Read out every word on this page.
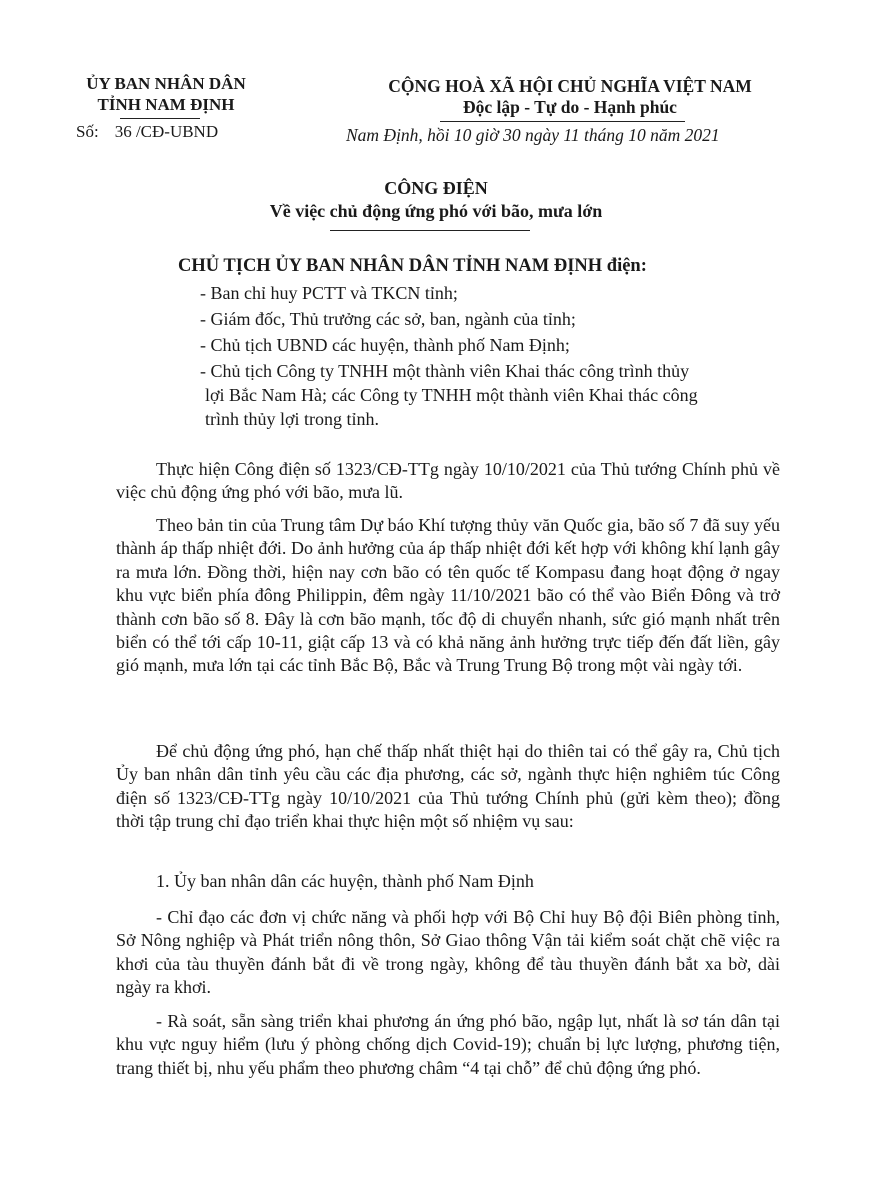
ỦY BAN NHÂN DÂN
TỈNH NAM ĐỊNH
Số: 36 /CĐ-UBND
CỘNG HOÀ XÃ HỘI CHỦ NGHĨA VIỆT NAM
Độc lập - Tự do - Hạnh phúc
Nam Định, hồi 10 giờ 30 ngày 11 tháng 10 năm 2021
CÔNG ĐIỆN
Về việc chủ động ứng phó với bão, mưa lớn
CHỦ TỊCH ỦY BAN NHÂN DÂN TỈNH NAM ĐỊNH điện:
- Ban chỉ huy PCTT và TKCN tỉnh;
- Giám đốc, Thủ trưởng các sở, ban, ngành của tỉnh;
- Chủ tịch UBND các huyện, thành phố Nam Định;
- Chủ tịch Công ty TNHH một thành viên Khai thác công trình thủy
lợi Bắc Nam Hà; các Công ty TNHH một thành viên Khai thác công
trình thủy lợi trong tỉnh.
Thực hiện Công điện số 1323/CĐ-TTg ngày 10/10/2021 của Thủ tướng Chính phủ về việc chủ động ứng phó với bão, mưa lũ.
Theo bản tin của Trung tâm Dự báo Khí tượng thủy văn Quốc gia, bão số 7 đã suy yếu thành áp thấp nhiệt đới. Do ảnh hưởng của áp thấp nhiệt đới kết hợp với không khí lạnh gây ra mưa lớn. Đồng thời, hiện nay cơn bão có tên quốc tế Kompasu đang hoạt động ở ngay khu vực biển phía đông Philippin, đêm ngày 11/10/2021 bão có thể vào Biển Đông và trở thành cơn bão số 8. Đây là cơn bão mạnh, tốc độ di chuyển nhanh, sức gió mạnh nhất trên biển có thể tới cấp 10-11, giật cấp 13 và có khả năng ảnh hưởng trực tiếp đến đất liền, gây gió mạnh, mưa lớn tại các tỉnh Bắc Bộ, Bắc và Trung Trung Bộ trong một vài ngày tới.
Để chủ động ứng phó, hạn chế thấp nhất thiệt hại do thiên tai có thể gây ra, Chủ tịch Ủy ban nhân dân tỉnh yêu cầu các địa phương, các sở, ngành thực hiện nghiêm túc Công điện số 1323/CĐ-TTg ngày 10/10/2021 của Thủ tướng Chính phủ (gửi kèm theo); đồng thời tập trung chỉ đạo triển khai thực hiện một số nhiệm vụ sau:
1. Ủy ban nhân dân các huyện, thành phố Nam Định
- Chỉ đạo các đơn vị chức năng và phối hợp với Bộ Chỉ huy Bộ đội Biên phòng tỉnh, Sở Nông nghiệp và Phát triển nông thôn, Sở Giao thông Vận tải kiểm soát chặt chẽ việc ra khơi của tàu thuyền đánh bắt đi về trong ngày, không để tàu thuyền đánh bắt xa bờ, dài ngày ra khơi.
- Rà soát, sẵn sàng triển khai phương án ứng phó bão, ngập lụt, nhất là sơ tán dân tại khu vực nguy hiểm (lưu ý phòng chống dịch Covid-19); chuẩn bị lực lượng, phương tiện, trang thiết bị, nhu yếu phẩm theo phương châm “4 tại chỗ” để chủ động ứng phó.
